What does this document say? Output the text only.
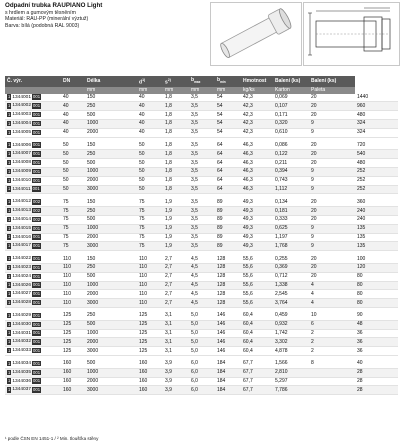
Odpadní trubka RAUPIANO Light
s hrdlem a gumovým těsněním
Materiál: RAU-PP (minerální výztuž)
Barva: bílá (podobná RAL 9003)
Č. výr.	DN	Délka	$d^{1)}$	$s^{2)}$	$b_{max}$	$b_{min}$	Hmotnost	Balení (ks)	Balení (ks)	
		mm	mm	mm	mm	mm	kg/ks	Karton	Paleta	

1 1344001 001	40	150	40	1,8	3,5	54	42,3	0,069	20	1440

1 1344002 001	40	250	40	1,8	3,5	54	42,3	0,107	20	960

1 1344003 001	40	500	40	1,8	3,5	54	42,3	0,171	20	480

1 1344004 001	40	1000	40	1,8	3,5	54	42,3	0,320	9	324

1 1344005 001	40	2000	40	1,8	3,5	54	42,3	0,610	9	324

1 1344006 001	50	150	50	1,8	3,5	64	46,3	0,086	20	720

1 1344007 001	50	250	50	1,8	3,5	64	46,3	0,122	20	540

1 1344008 001	50	500	50	1,8	3,5	64	46,3	0,211	20	480

1 1344009 001	50	1000	50	1,8	3,5	64	46,3	0,394	9	252

1 1344010 001	50	2000	50	1,8	3,5	64	46,3	0,743	9	252

1 1344011 001	50	3000	50	1,8	3,5	64	46,3	1,112	9	252

1 1344012 002	75	150	75	1,9	3,5	89	49,3	0,134	20	360

1 1344013 002	75	250	75	1,9	3,5	89	49,3	0,181	20	240

1 1344014 002	75	500	75	1,9	3,5	89	49,3	0,333	20	240

1 1344015 001	75	1000	75	1,9	3,5	89	49,3	0,625	9	135

1 1344016 001	75	2000	75	1,9	3,5	89	49,3	1,197	9	135

1 1344017 001	75	3000	75	1,9	3,5	89	49,3	1,768	9	135

1 1344022 001	110	150	110	2,7	4,5	128	55,6	0,255	20	100

1 1344023 001	110	250	110	2,7	4,5	128	55,6	0,369	20	120

1 1344024 001	110	500	110	2,7	4,5	128	55,6	0,712	20	80

1 1344026 001	110	1000	110	2,7	4,5	128	55,6	1,338	4	80

1 1344027 001	110	2000	110	2,7	4,5	128	55,6	2,545	4	80

1 1344028 001	110	3000	110	2,7	4,5	128	55,6	3,764	4	80

1 1344029 001	125	250	125	3,1	5,0	146	60,4	0,459	10	90

1 1344030 001	125	500	125	3,1	5,0	146	60,4	0,932	6	48

1 1344031 001	125	1000	125	3,1	5,0	146	60,4	1,742	2	36

1 1344032 001	125	2000	125	3,1	5,0	146	60,4	3,302	2	36

1 1344033 001	125	3000	125	3,1	5,0	146	60,4	4,878	2	36

1 1344034 001	160	500	160	3,9	6,0	184	67,7	1,566	8	40

1 1344035 001	160	1000	160	3,9	6,0	184	67,7	2,810		28

1 1344036 001	160	2000	160	3,9	6,0	184	67,7	5,297		28

1 1344037 001	160	3000	160	3,9	6,0	184	67,7	7,786		28
¹ podle ČSN EN 1451-1 / ² Min. tloušťka stěny
